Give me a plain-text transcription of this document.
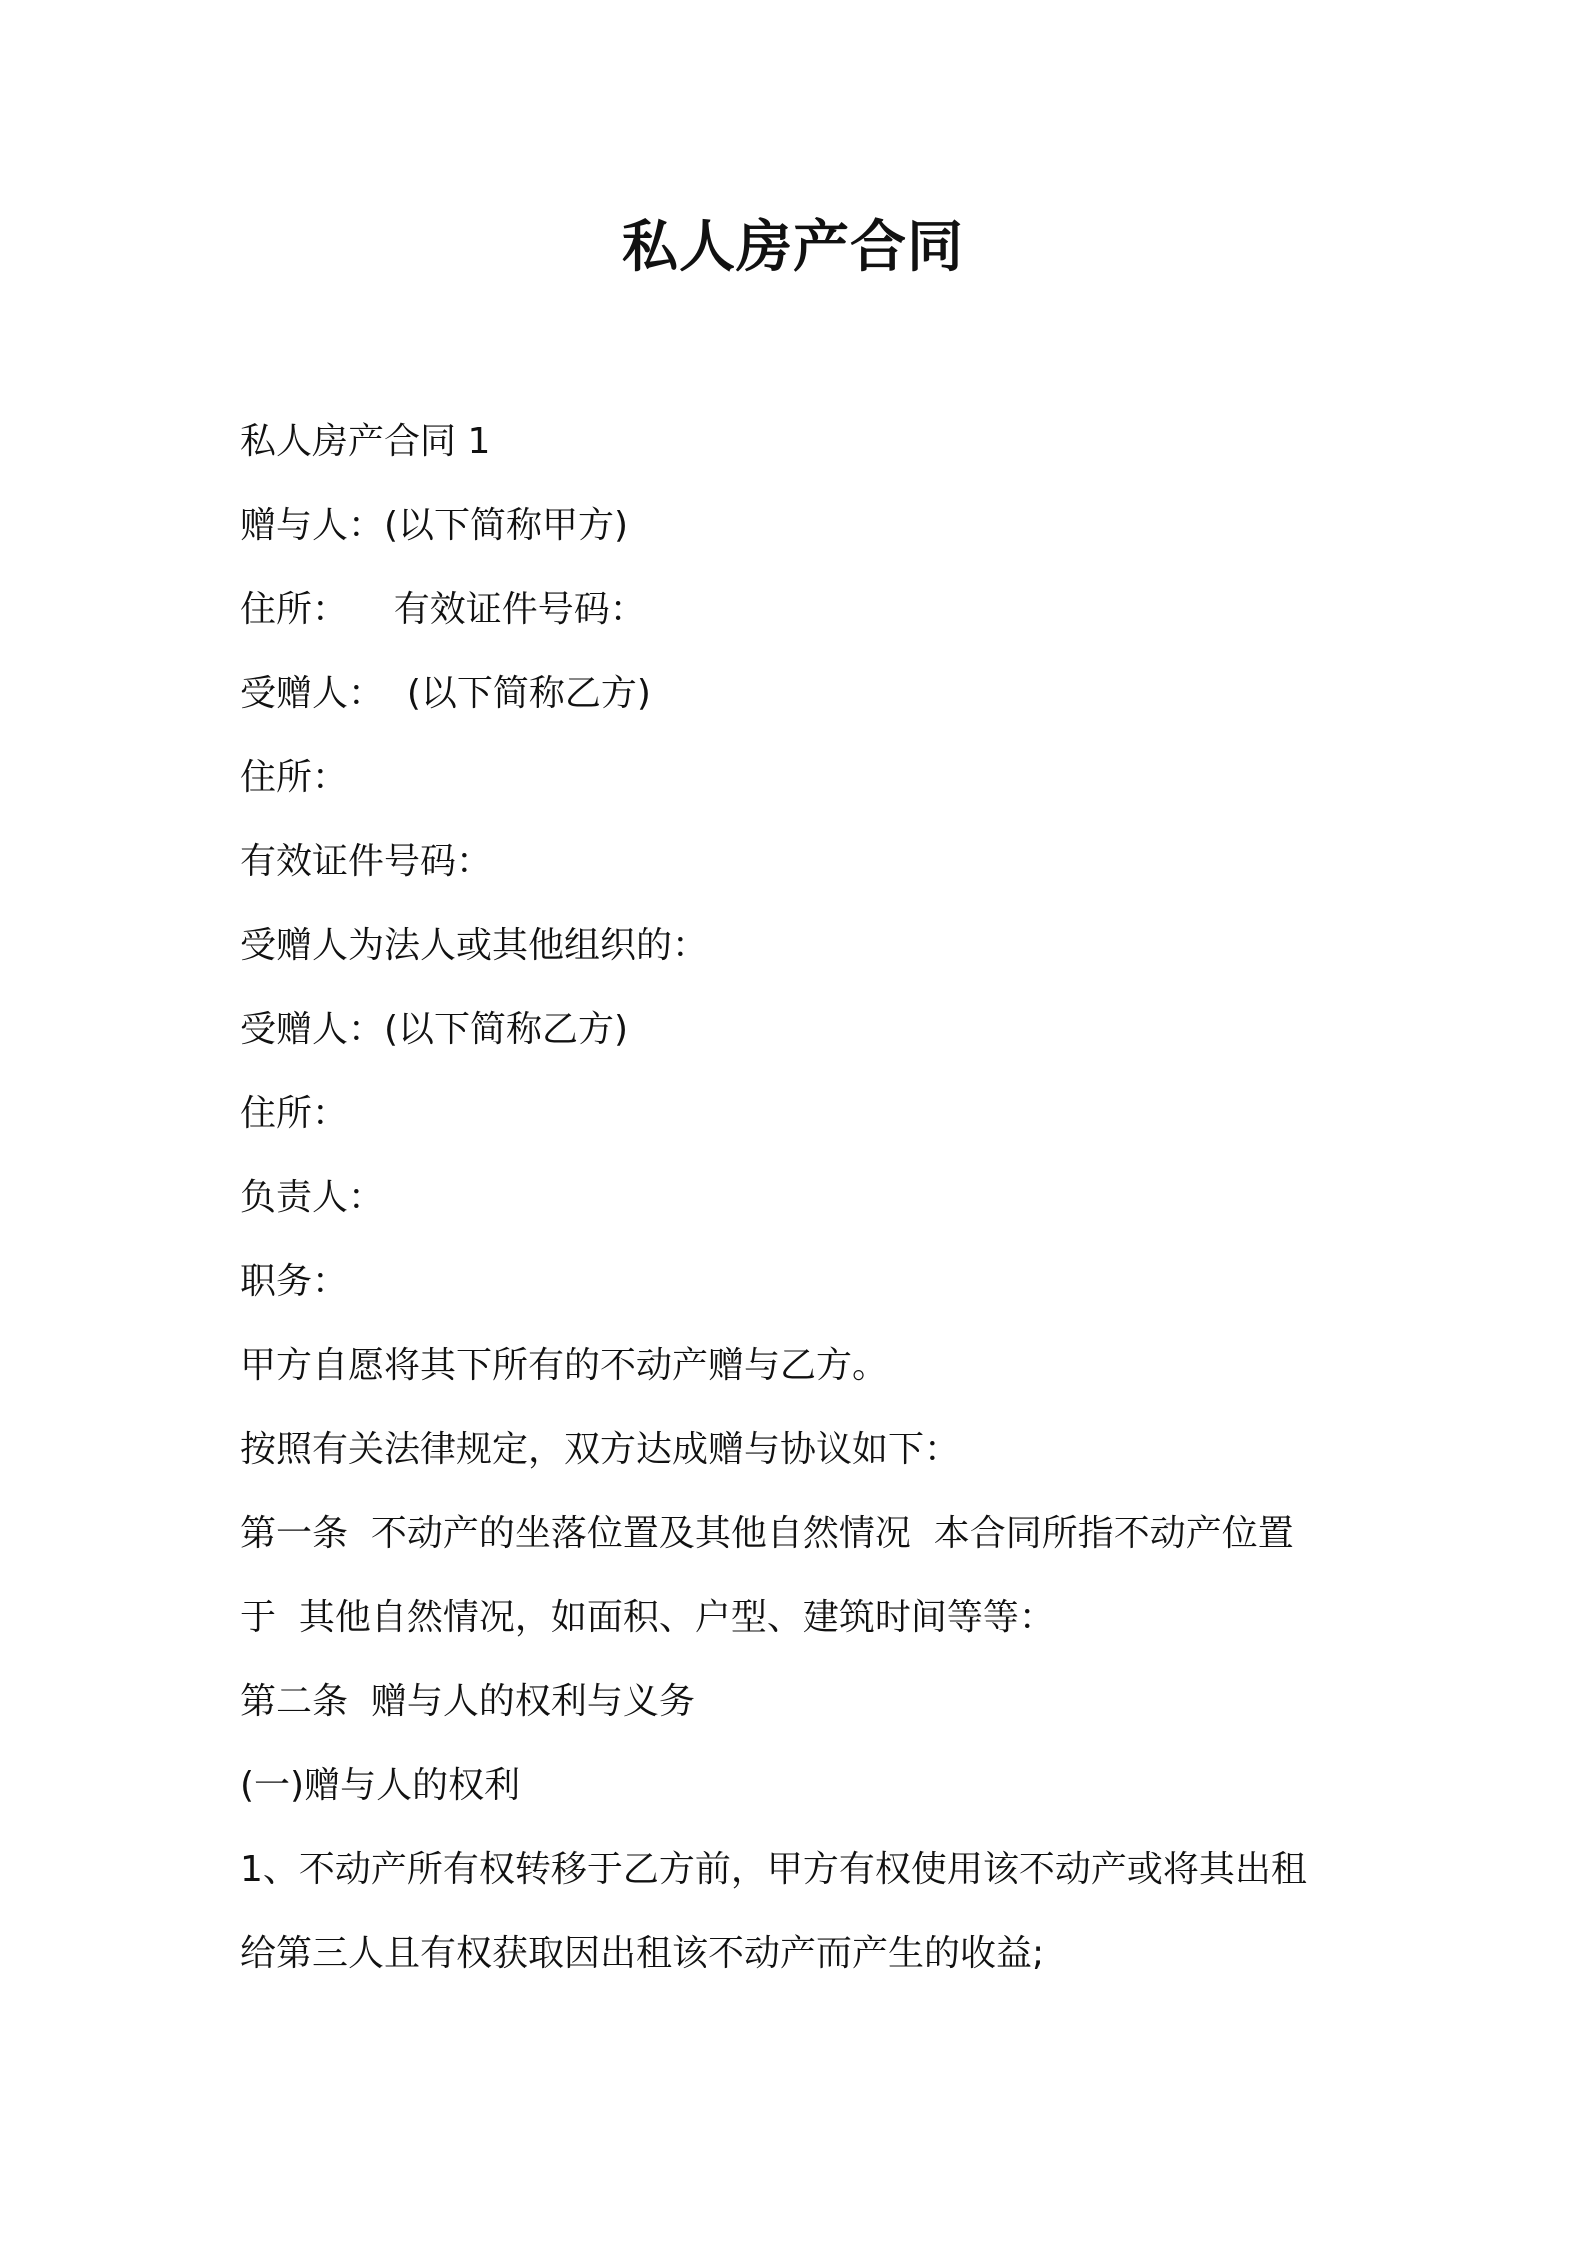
私人房产合同
私人房产合同 1
赠与人：(以下简称甲方)
住所：    有效证件号码：
受赠人：  (以下简称乙方)
住所：
有效证件号码：
受赠人为法人或其他组织的：
受赠人：(以下简称乙方)
住所：
负责人：
职务：
甲方自愿将其下所有的不动产赠与乙方。
按照有关法律规定，双方达成赠与协议如下：
第一条  不动产的坐落位置及其他自然情况  本合同所指不动产位置
于  其他自然情况，如面积、户型、建筑时间等等：
第二条  赠与人的权利与义务
(一)赠与人的权利
1、不动产所有权转移于乙方前，甲方有权使用该不动产或将其出租
给第三人且有权获取因出租该不动产而产生的收益;
